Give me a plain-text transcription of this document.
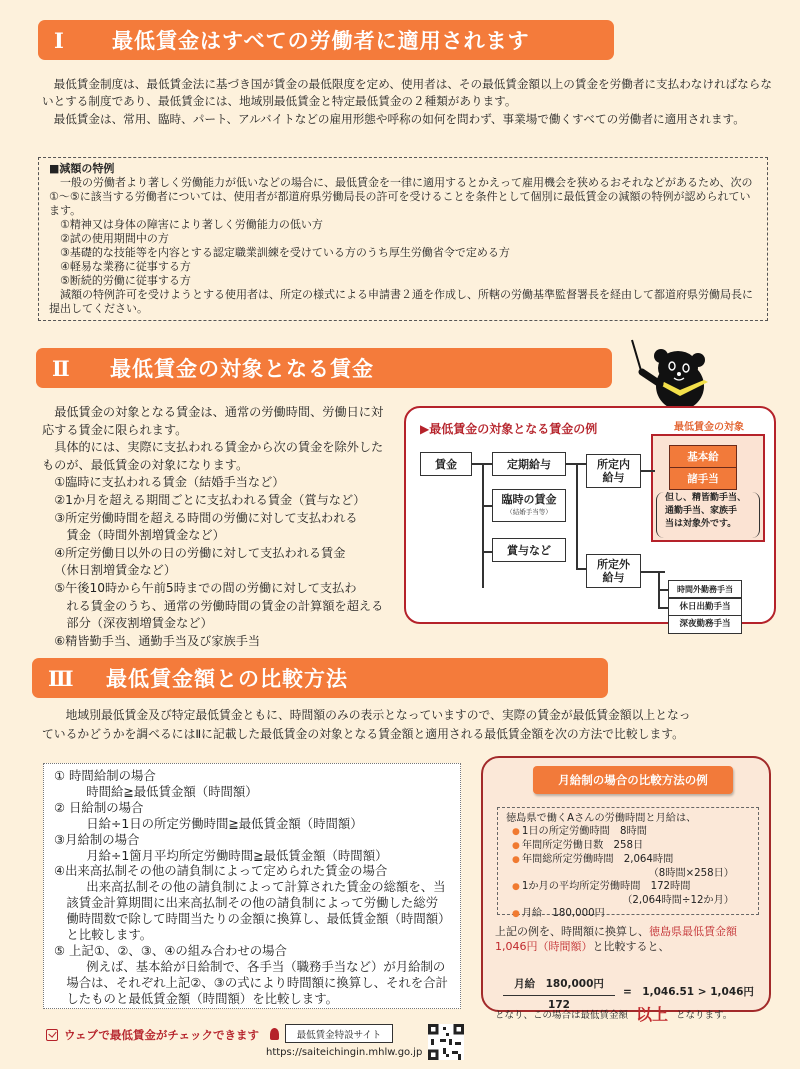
Ⅰ	最低賃金はすべての労働者に適用されます

最低賃金制度は、最低賃金法に基づき国が賃金の最低限度を定め、使用者は、その最低賃金額以上の賃金を労働者に支払わなければならないとする制度であり、最低賃金には、地域別最低賃金と特定最低賃金の２種類があります。

最低賃金は、常用、臨時、パート、アルバイトなどの雇用形態や呼称の如何を問わず、事業場で働くすべての労働者に適用されます。

■減額の特例
一般の労働者より著しく労働能力が低いなどの場合に、最低賃金を一律に適用するとかえって雇用機会を狭めるおそれなどがあるため、次の①～⑤に該当する労働者については、使用者が都道府県労働局長の許可を受けることを条件として個別に最低賃金の減額の特例が認められています。
①精神又は身体の障害により著しく労働能力の低い方
②試の使用期間中の方
③基礎的な技能等を内容とする認定職業訓練を受けている方のうち厚生労働省令で定める方
④軽易な業務に従事する方
⑤断続的労働に従事する方
減額の特例許可を受けようとする使用者は、所定の様式による申請書２通を作成し、所轄の労働基準監督署長を経由して都道府県労働局長に提出してください。
Ⅱ	最低賃金の対象となる賃金
最低賃金の対象となる賃金は、通常の労働時間、労働日に対応する賃金に限られます。
具体的には、実際に支払われる賃金から次の賃金を除外したものが、最低賃金の対象になります。
①臨時に支払われる賃金（結婚手当など）
②1か月を超える期間ごとに支払われる賃金（賞与など）
③所定労働時間を超える時間の労働に対して支払われる
賃金（時間外割増賃金など）
④所定労働日以外の日の労働に対して支払われる賃金
（休日割増賃金など）
⑤午後10時から午前5時までの間の労働に対して支払わ
れる賃金のうち、通常の労働時間の賃金の計算額を超える部分（深夜割増賃金など）
⑥精皆勤手当、通勤手当及び家族手当
▶最低賃金の対象となる賃金の例	最低賃金の対象
賃金	定期給与
臨時の賃金
（結婚手当等）
賞与など
所定内
給与
所定外
給与
基本給
諸手当
但し、精皆勤手当、
通勤手当、家族手
当は対象外です。
時間外勤務手当
休日出勤手当
深夜勤務手当
Ⅲ	最低賃金額との比較方法

地域別最低賃金及び特定最低賃金ともに、時間額のみの表示となっていますので、実際の賃金が最低賃金額以上となっ

ているかどうかを調べるにはⅡに記載した最低賃金の対象となる賃金額と適用される最低賃金額を次の方法で比較します。

① 時間給制の場合
時間給≧最低賃金額（時間額）
② 日給制の場合
日給÷1日の所定労働時間≧最低賃金額（時間額）
③月給制の場合
月給÷1箇月平均所定労働時間≧最低賃金額（時間額）
④出来高払制その他の請負制によって定められた賃金の場合
出来高払制その他の請負制によって計算された賃金の総額を、当該賃金計算期間に出来高払制その他の請負制によって労働した総労働時間数で除して時間当たりの金額に換算し、最低賃金額（時間額）と比較します。
⑤ 上記①、②、③、④の組み合わせの場合
例えば、基本給が日給制で、各手当（職務手当など）が月給制の場合は、それぞれ上記②、③の式により時間額に換算し、それを合計したものと最低賃金額（時間額）を比較します。
月給制の場合の比較方法の例
徳島県で働くAさんの労働時間と月給は、
● 1日の所定労働時間　8時間
● 年間所定労働日数　258日
● 年間総所定労働時間　2,064時間
（8時間×258日）
● 1か月の平均所定労働時間　172時間
（2,064時間÷12か月）
● 月給　180,000円
上記の例を、時間額に換算し、徳島県最低賃金額 1,046円（時間額）と比較すると、
月給　180,000円
172
=　1,046.51 > 1,046円
となり、この場合は最低賃金額 以上 となります。
ウェブで最低賃金がチェックできます	最低賃金特設サイト
https://saiteichingin.mhlw.go.jp
